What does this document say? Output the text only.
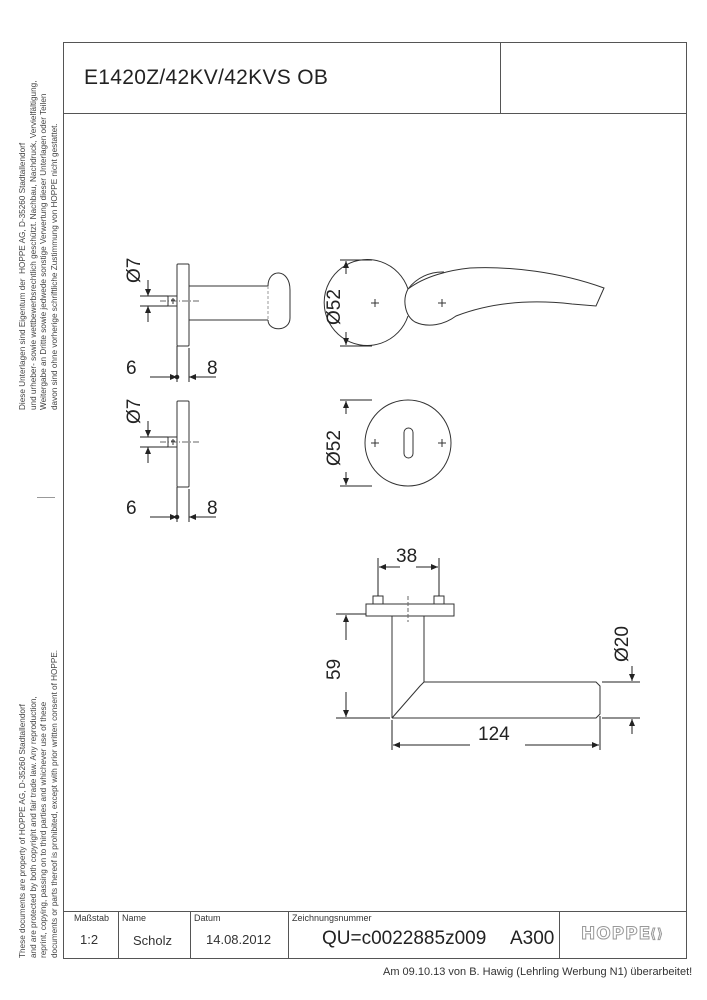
Diese Unterlagen sind Eigentum der  HOPPE AG, D-35260 Stadtallendorf
und urheber- sowie wettbewerbsrechtlich geschützt. Nachbau, Nachdruck, Vervielfältigung,
Weitergabe an Dritte sowie jedwede sonstige Verwertung dieser Unterlagen oder Teilen
davon sind ohne vorherige schriftliche Zustimmung von HOPPE nicht gestattet.
These documents are property of HOPPE AG, D-35260 Stadtallendorf
and are protected by both copyright and fair trade law. Any reproduction,
reprint, copying, passing on to third parties and whichever use of these
documents or parts thereof is prohibited, except with prior written consent of HOPPE.
E1420Z/42KV/42KVS OB
Ø7
6	8
Ø7
6	8
Ø52
Ø52
38
59
Ø20
124
Maßstab
1:2
Name
Scholz
Datum
14.08.2012
Zeichnungsnummer
QU=c0022885z009 A300 HOPPE
⟨⟩
Am 09.10.13 von B. Hawig (Lehrling Werbung N1) überarbeitet!
